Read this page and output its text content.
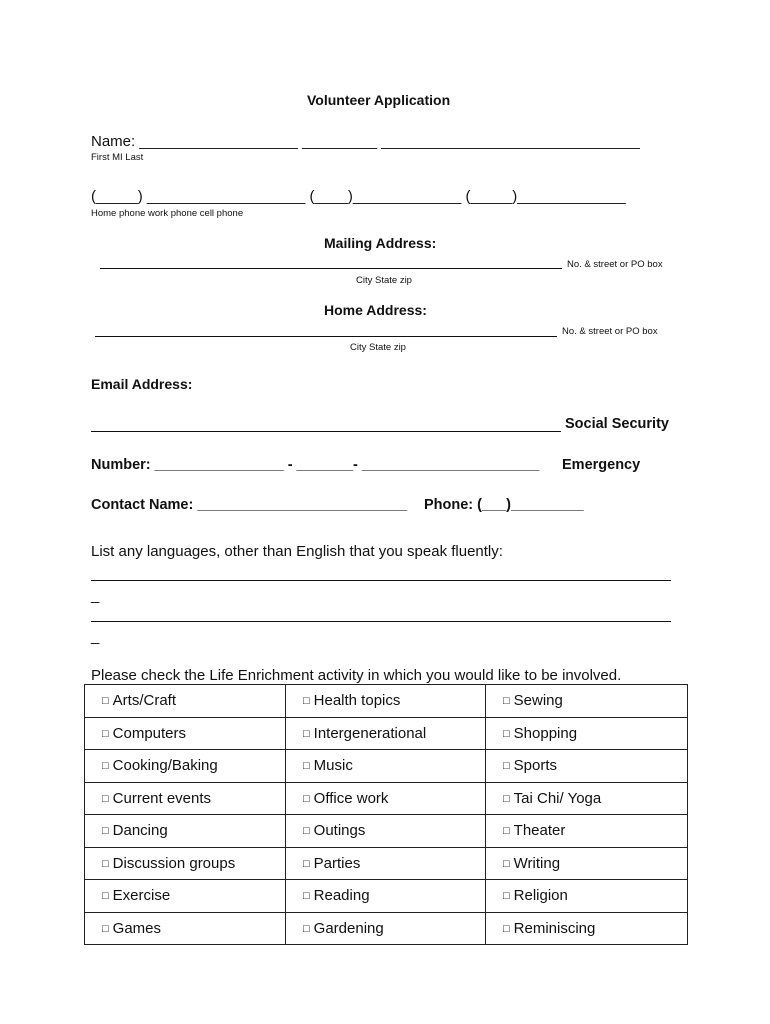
Volunteer Application
Name: ___________________ _________ _______________________________
First MI Last
(_____) ___________________ (____)_____________ (_____)_____________
Home phone work phone cell phone
Mailing Address:
No. & street or PO box
City State zip
Home Address:
No. & street or PO box
City State zip
Email Address:
Social Security
Number: ________________ - _______- ______________________ Emergency
Contact Name: __________________________ Phone: (___)_________
List any languages, other than English that you speak fluently:
_
_
Please check the Life Enrichment activity in which you would like to be involved.
□ Arts/Craft	□ Health topics	□ Sewing
□ Computers	□ Intergenerational	□ Shopping
□ Cooking/Baking	□ Music	□ Sports
□ Current events	□ Office work	□ Tai Chi/ Yoga
□ Dancing	□ Outings	□ Theater
□ Discussion groups	□ Parties	□ Writing
□ Exercise	□ Reading	□ Religion
□ Games	□ Gardening	□ Reminiscing
